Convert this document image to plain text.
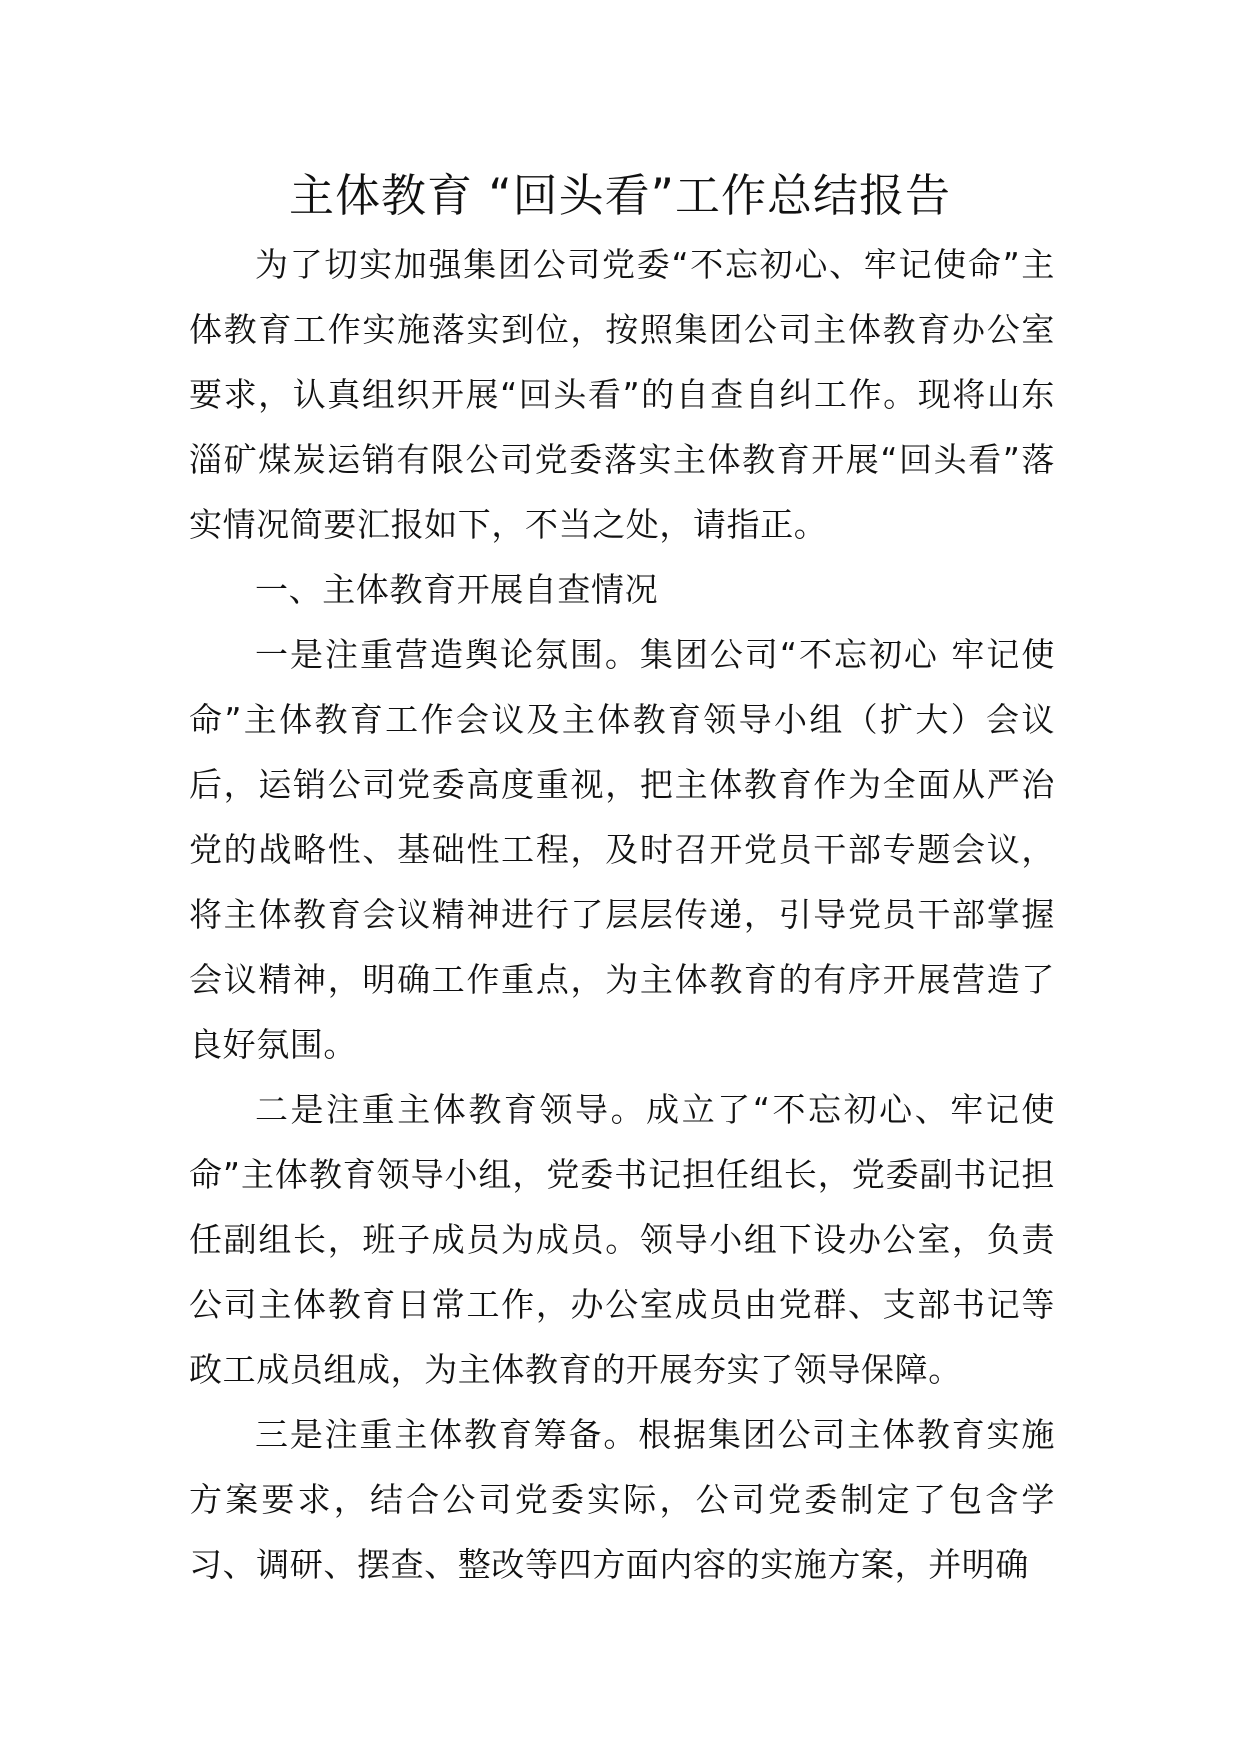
主体教育 “回头看”工作总结报告

为了切实加强集团公司党委“不忘初心、牢记使命”主体教育工作实施落实到位，按照集团公司主体教育办公室要求，认真组织开展“回头看”的自查自纠工作。现将山东淄矿煤炭运销有限公司党委落实主体教育开展“回头看”落实情况简要汇报如下，不当之处，请指正。

一、主体教育开展自查情况

一是注重营造舆论氛围。集团公司“不忘初心 牢记使命”主体教育工作会议及主体教育领导小组（扩大）会议后，运销公司党委高度重视，把主体教育作为全面从严治党的战略性、基础性工程，及时召开党员干部专题会议，将主体教育会议精神进行了层层传递，引导党员干部掌握会议精神，明确工作重点，为主体教育的有序开展营造了良好氛围。

二是注重主体教育领导。成立了“不忘初心、牢记使命”主体教育领导小组，党委书记担任组长，党委副书记担任副组长，班子成员为成员。领导小组下设办公室，负责公司主体教育日常工作，办公室成员由党群、支部书记等政工成员组成，为主体教育的开展夯实了领导保障。

三是注重主体教育筹备。根据集团公司主体教育实施方案要求，结合公司党委实际，公司党委制定了包含学习、调研、摆查、整改等四方面内容的实施方案，并明确
